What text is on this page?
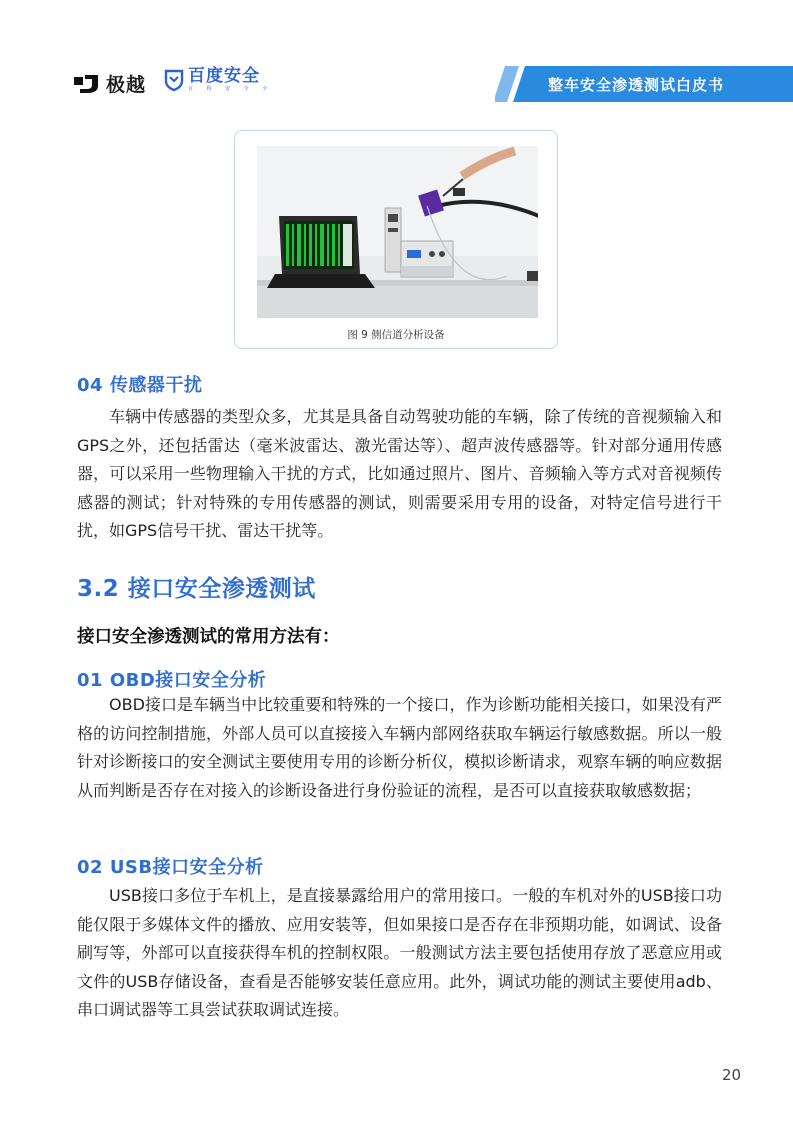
极越 百度安全
百 科 安 全 全	整车安全渗透测试白皮书
图 9 侧信道分析设备
04 传感器干扰

车辆中传感器的类型众多，尤其是具备自动驾驶功能的车辆，除了传统的音视频输入和GPS之外，还包括雷达（毫米波雷达、激光雷达等）、超声波传感器等。针对部分通用传感器，可以采用一些物理输入干扰的方式，比如通过照片、图片、音频输入等方式对音视频传感器的测试；针对特殊的专用传感器的测试，则需要采用专用的设备，对特定信号进行干扰，如GPS信号干扰、雷达干扰等。

3.2 接口安全渗透测试
接口安全渗透测试的常用方法有：
01 OBD接口安全分析

OBD接口是车辆当中比较重要和特殊的一个接口，作为诊断功能相关接口，如果没有严格的访问控制措施，外部人员可以直接接入车辆内部网络获取车辆运行敏感数据。所以一般针对诊断接口的安全测试主要使用专用的诊断分析仪，模拟诊断请求，观察车辆的响应数据从而判断是否存在对接入的诊断设备进行身份验证的流程，是否可以直接获取敏感数据；

02 USB接口安全分析

USB接口多位于车机上，是直接暴露给用户的常用接口。一般的车机对外的USB接口功能仅限于多媒体文件的播放、应用安装等，但如果接口是否存在非预期功能，如调试、设备刷写等，外部可以直接获得车机的控制权限。一般测试方法主要包括使用存放了恶意应用或文件的USB存储设备，查看是否能够安装任意应用。此外，调试功能的测试主要使用adb、串口调试器等工具尝试获取调试连接。

20
